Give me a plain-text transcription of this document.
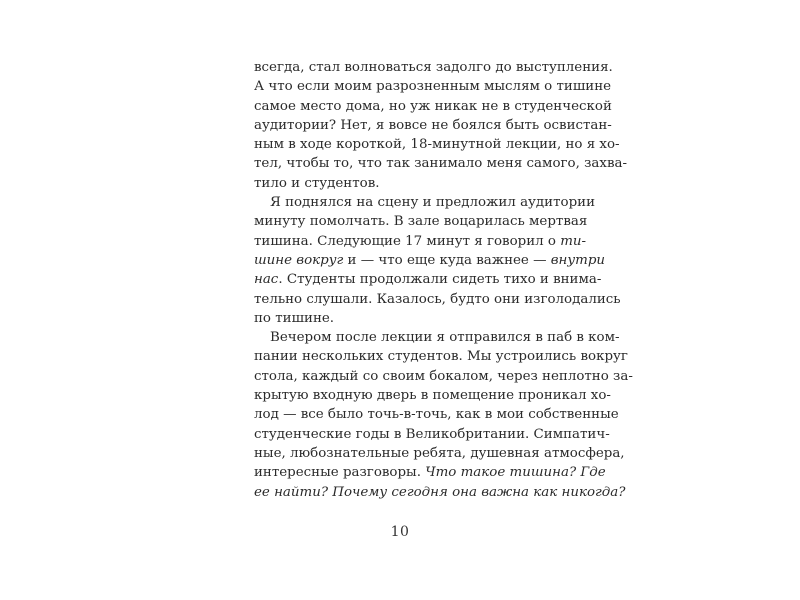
всегда, стал волноваться задолго до выступления.
А что если моим разрозненным мыслям о тишине
самое место дома, но уж никак не в студенческой
аудитории? Нет, я вовсе не боялся быть освистан-
ным в ходе короткой, 18-минутной лекции, но я хо-
тел, чтобы то, что так занимало меня самого, захва-
тило и студентов.
Я поднялся на сцену и предложил аудитории
минуту помолчать. В зале воцарилась мертвая
тишина. Следующие 17 минут я говорил о ти-
шине вокруг и — что еще куда важнее — внутри
нас. Студенты продолжали сидеть тихо и внима-
тельно слушали. Казалось, будто они изголодались
по тишине.
Вечером после лекции я отправился в паб в ком-
пании нескольких студентов. Мы устроились вокруг
стола, каждый со своим бокалом, через неплотно за-
крытую входную дверь в помещение проникал хо-
лод — все было точь-в-точь, как в мои собственные
студенческие годы в Великобритании. Симпатич-
ные, любознательные ребята, душевная атмосфера,
интересные разговоры. Что такое тишина? Где
ее найти? Почему сегодня она важна как никогда?
10
